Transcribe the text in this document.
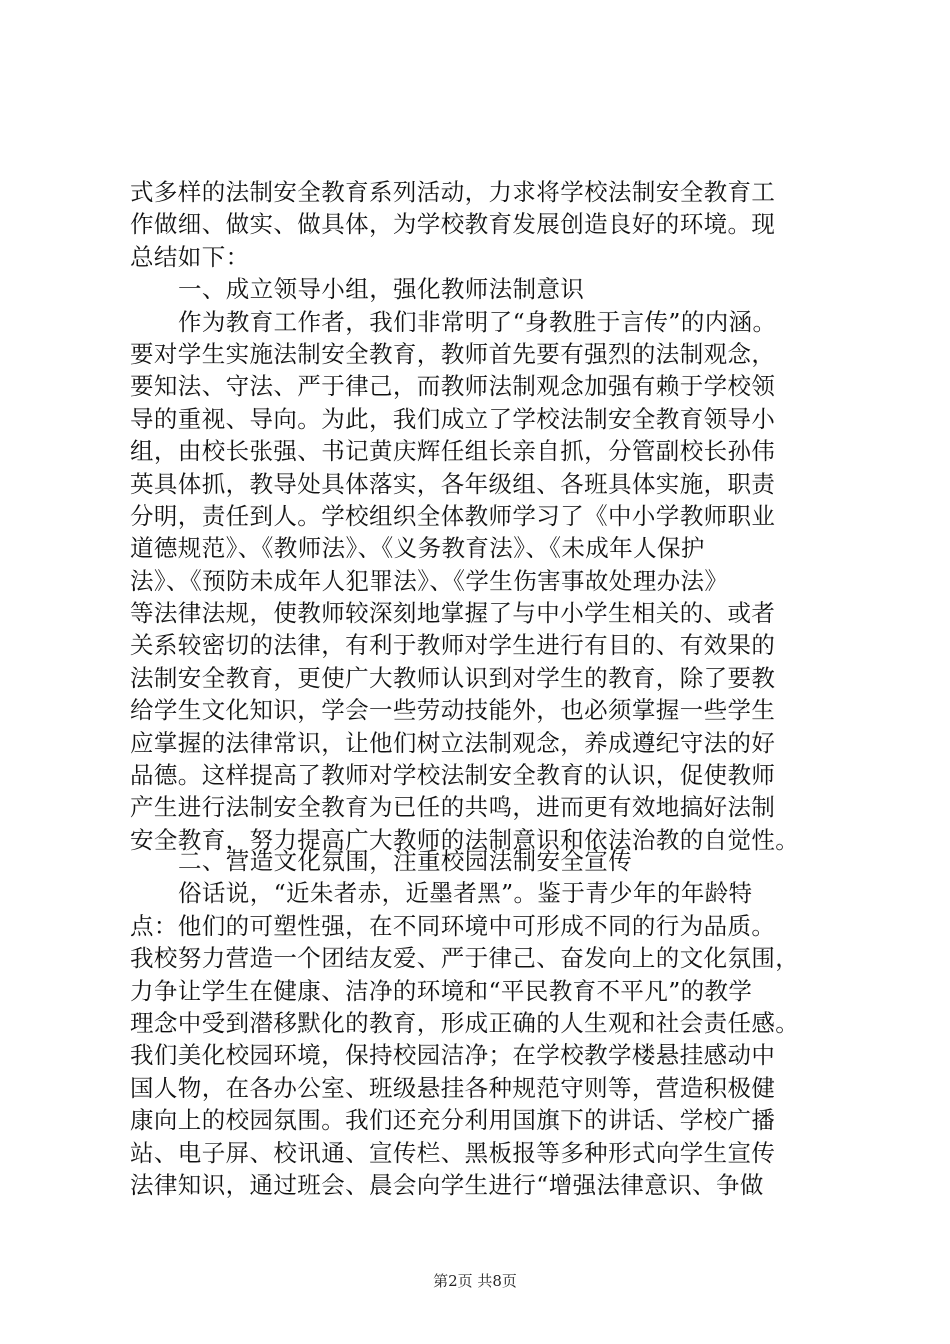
式多样的法制安全教育系列活动，力求将学校法制安全教育工
作做细、做实、做具体，为学校教育发展创造良好的环境。现
总结如下：
一、成立领导小组，强化教师法制意识
作为教育工作者，我们非常明了“身教胜于言传”的内涵。
要对学生实施法制安全教育，教师首先要有强烈的法制观念，
要知法、守法、严于律己，而教师法制观念加强有赖于学校领
导的重视、导向。为此，我们成立了学校法制安全教育领导小
组，由校长张强、书记黄庆辉任组长亲自抓，分管副校长孙伟
英具体抓，教导处具体落实，各年级组、各班具体实施，职责
分明，责任到人。学校组织全体教师学习了《中小学教师职业
道德规范》、《教师法》、《义务教育法》、《未成年人保护
法》、《预防未成年人犯罪法》、《学生伤害事故处理办法》
等法律法规，使教师较深刻地掌握了与中小学生相关的、或者
关系较密切的法律，有利于教师对学生进行有目的、有效果的
法制安全教育，更使广大教师认识到对学生的教育，除了要教
给学生文化知识，学会一些劳动技能外，也必须掌握一些学生
应掌握的法律常识，让他们树立法制观念，养成遵纪守法的好
品德。这样提高了教师对学校法制安全教育的认识，促使教师
产生进行法制安全教育为已任的共鸣，进而更有效地搞好法制
安全教育，努力提高广大教师的法制意识和依法治教的自觉性。
二、营造文化氛围，注重校园法制安全宣传
俗话说，“近朱者赤，近墨者黑”。鉴于青少年的年龄特
点：他们的可塑性强，在不同环境中可形成不同的行为品质。
我校努力营造一个团结友爱、严于律己、奋发向上的文化氛围，
力争让学生在健康、洁净的环境和“平民教育不平凡”的教学
理念中受到潜移默化的教育，形成正确的人生观和社会责任感。
我们美化校园环境，保持校园洁净；在学校教学楼悬挂感动中
国人物，在各办公室、班级悬挂各种规范守则等，营造积极健
康向上的校园氛围。我们还充分利用国旗下的讲话、学校广播
站、电子屏、校讯通、宣传栏、黑板报等多种形式向学生宣传
法律知识，通过班会、晨会向学生进行“增强法律意识、争做
第2页 共8页
